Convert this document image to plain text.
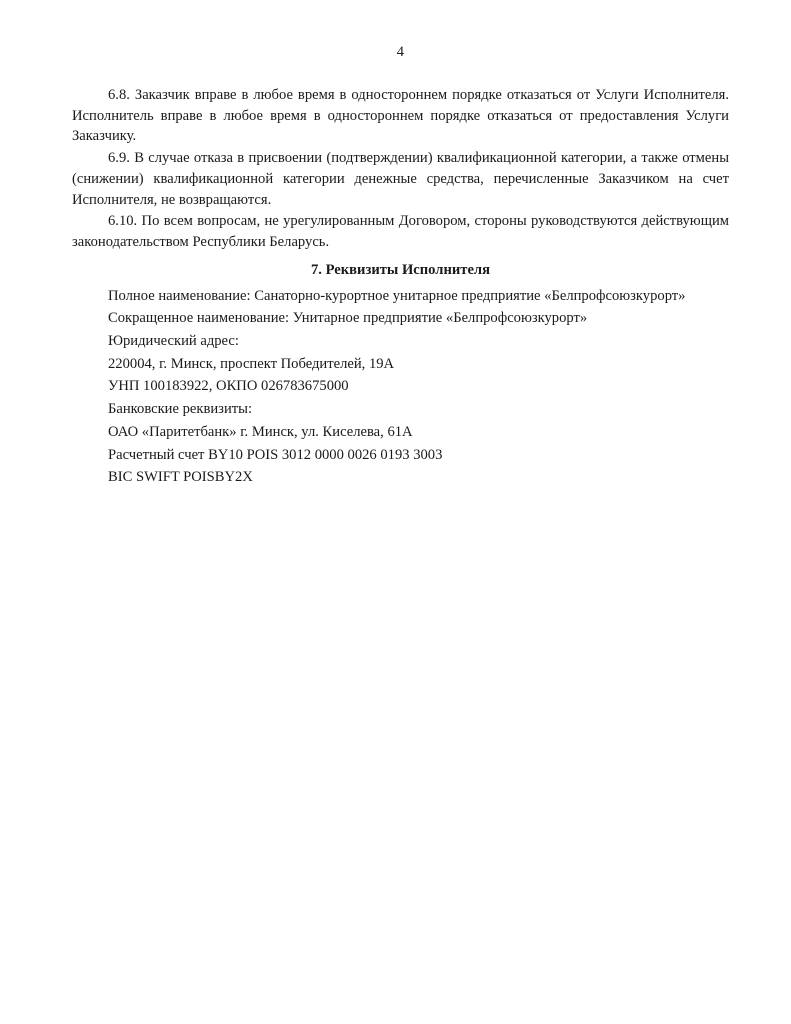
4

6.8. Заказчик вправе в любое время в одностороннем порядке отказаться от Услуги Исполнителя. Исполнитель вправе в любое время в одностороннем порядке отказаться от предоставления Услуги Заказчику.

6.9. В случае отказа в присвоении (подтверждении) квалификационной категории, а также отмены (снижении) квалификационной категории денежные средства, перечисленные Заказчиком на счет Исполнителя, не возвращаются.

6.10. По всем вопросам, не урегулированным Договором, стороны руководствуются действующим законодательством Республики Беларусь.

7. Реквизиты Исполнителя

Полное наименование: Санаторно-курортное унитарное предприятие «Белпрофсоюзкурорт»

Сокращенное наименование: Унитарное предприятие «Белпрофсоюзкурорт»

Юридический адрес:

220004, г. Минск, проспект Победителей, 19А

УНП 100183922, ОКПО 026783675000

Банковские реквизиты:

ОАО «Паритетбанк» г. Минск, ул. Киселева, 61А

Расчетный счет BY10 POIS 3012 0000 0026 0193 3003

BIC SWIFT POISBY2X
